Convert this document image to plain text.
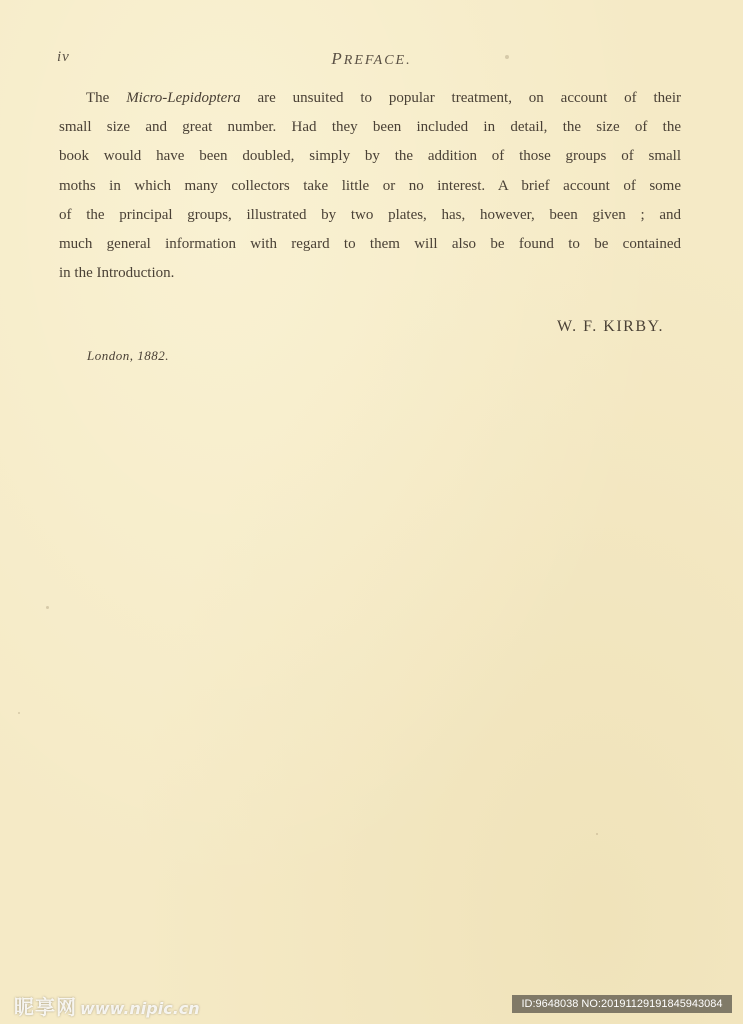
iv	PREFACE.
The Micro-Lepidoptera are unsuited to popular treatment, on account of their
small size and great number. Had they been included in detail, the size of the
book would have been doubled, simply by the addition of those groups of small
moths in which many collectors take little or no interest. A brief account of some
of the principal groups, illustrated by two plates, has, however, been given ; and
much general information with regard to them will also be found to be contained
in the Introduction.
W. F. KIRBY.
London, 1882.
昵享网 www.nipic.cn	ID:9648038 NO:20191129191845943084
